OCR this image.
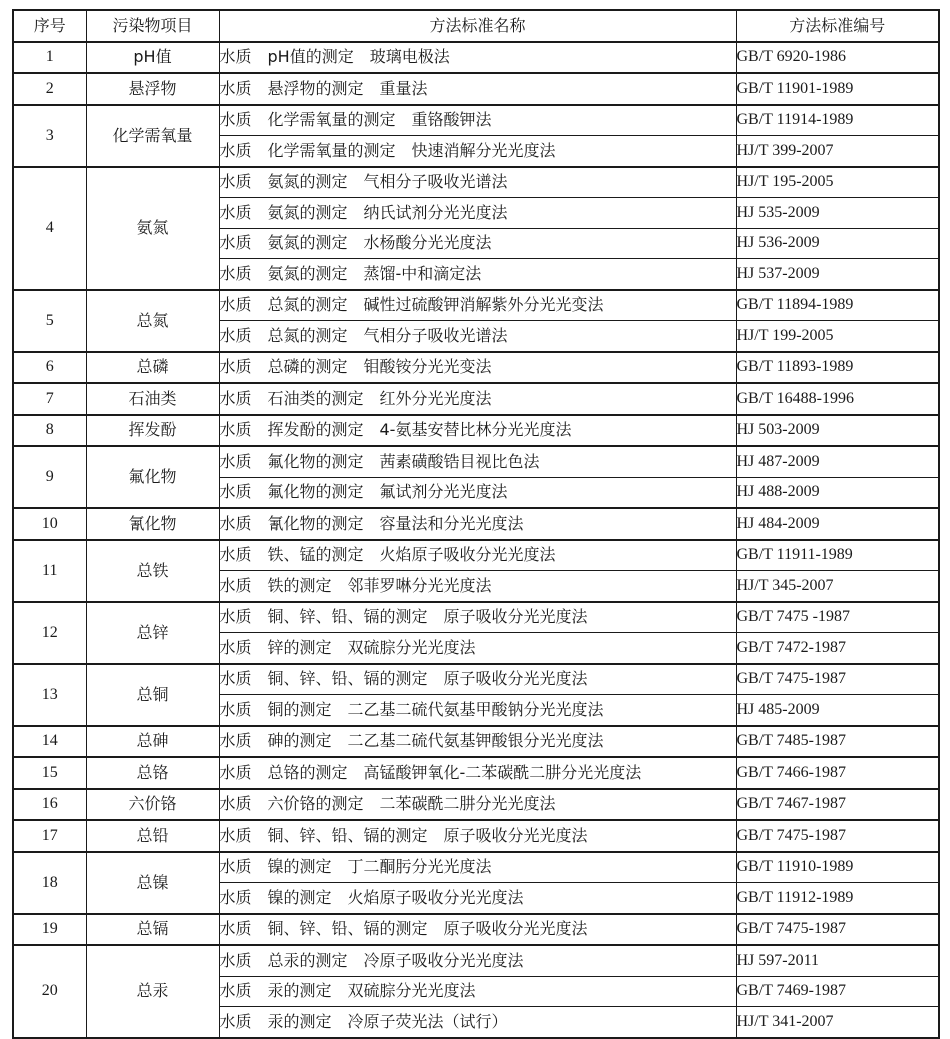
序号	污染物项目	方法标准名称	方法标准编号
1	pH值	水质　pH值的测定　玻璃电极法	GB/T 6920-1986
2	悬浮物	水质　悬浮物的测定　重量法	GB/T 11901-1989
3	化学需氧量	水质　化学需氧量的测定　重铬酸钾法	GB/T 11914-1989
		水质　化学需氧量的测定　快速消解分光光度法	HJ/T 399-2007
4	氨氮	水质　氨氮的测定　气相分子吸收光谱法	HJ/T 195-2005
		水质　氨氮的测定　纳氏试剂分光光度法	HJ 535-2009
		水质　氨氮的测定　水杨酸分光光度法	HJ 536-2009
		水质　氨氮的测定　蒸馏-中和滴定法	HJ 537-2009
5	总氮	水质　总氮的测定　碱性过硫酸钾消解紫外分光光变法	GB/T 11894-1989
		水质　总氮的测定　气相分子吸收光谱法	HJ/T 199-2005
6	总磷	水质　总磷的测定　钼酸铵分光光变法	GB/T 11893-1989
7	石油类	水质　石油类的测定　红外分光光度法	GB/T 16488-1996
8	挥发酚	水质　挥发酚的测定　4-氨基安替比林分光光度法	HJ 503-2009
9	氟化物	水质　氟化物的测定　茜素磺酸锆目视比色法	HJ 487-2009
		水质　氟化物的测定　氟试剂分光光度法	HJ 488-2009
10	氰化物	水质　氰化物的测定　容量法和分光光度法	HJ 484-2009
11	总铁	水质　铁、锰的测定　火焰原子吸收分光光度法	GB/T 11911-1989
		水质　铁的测定　邻菲罗啉分光光度法	HJ/T 345-2007
12	总锌	水质　铜、锌、铅、镉的测定　原子吸收分光光度法	GB/T 7475 -1987
		水质　锌的测定　双硫腙分光光度法	GB/T 7472-1987
13	总铜	水质　铜、锌、铅、镉的测定　原子吸收分光光度法	GB/T 7475-1987
		水质　铜的测定　二乙基二硫代氨基甲酸钠分光光度法	HJ 485-2009
14	总砷	水质　砷的测定　二乙基二硫代氨基钾酸银分光光度法	GB/T 7485-1987
15	总铬	水质　总铬的测定　高锰酸钾氧化-二苯碳酰二肼分光光度法	GB/T 7466-1987
16	六价铬	水质　六价铬的测定　二苯碳酰二肼分光光度法	GB/T 7467-1987
17	总铅	水质　铜、锌、铅、镉的测定　原子吸收分光光度法	GB/T 7475-1987
18	总镍	水质　镍的测定　丁二酮肟分光光度法	GB/T 11910-1989
		水质　镍的测定　火焰原子吸收分光光度法	GB/T 11912-1989
19	总镉	水质　铜、锌、铅、镉的测定　原子吸收分光光度法	GB/T 7475-1987
20	总汞	水质　总汞的测定　冷原子吸收分光光度法	HJ 597-2011
		水质　汞的测定　双硫腙分光光度法	GB/T 7469-1987
		水质　汞的测定　冷原子荧光法（试行）	HJ/T 341-2007
